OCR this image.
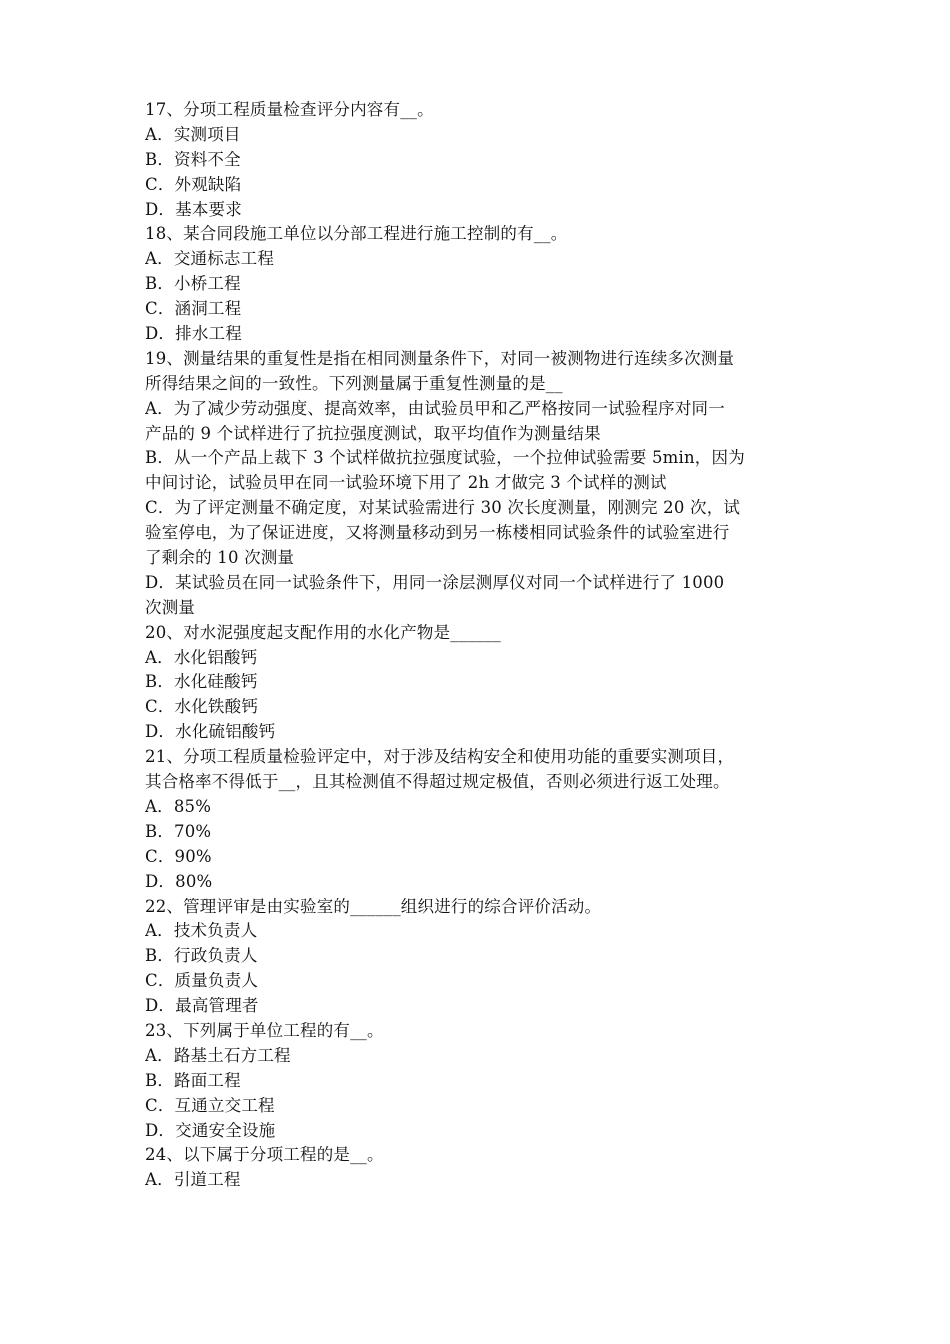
17、分项工程质量检查评分内容有__。
A．实测项目
B．资料不全
C．外观缺陷
D．基本要求
18、某合同段施工单位以分部工程进行施工控制的有__。
A．交通标志工程
B．小桥工程
C．涵洞工程
D．排水工程
19、测量结果的重复性是指在相同测量条件下，对同一被测物进行连续多次测量
所得结果之间的一致性。下列测量属于重复性测量的是__
A．为了减少劳动强度、提高效率，由试验员甲和乙严格按同一试验程序对同一
产品的 9 个试样进行了抗拉强度测试，取平均值作为测量结果
B．从一个产品上裁下 3 个试样做抗拉强度试验，一个拉伸试验需要 5min，因为
中间讨论，试验员甲在同一试验环境下用了 2h 才做完 3 个试样的测试
C．为了评定测量不确定度，对某试验需进行 30 次长度测量，刚测完 20 次，试
验室停电，为了保证进度，又将测量移动到另一栋楼相同试验条件的试验室进行
了剩余的 10 次测量
D．某试验员在同一试验条件下，用同一涂层测厚仪对同一个试样进行了 1000
次测量
20、对水泥强度起支配作用的水化产物是______
A．水化铝酸钙
B．水化硅酸钙
C．水化铁酸钙
D．水化硫铝酸钙
21、分项工程质量检验评定中，对于涉及结构安全和使用功能的重要实测项目，
其合格率不得低于__，且其检测值不得超过规定极值，否则必须进行返工处理。
A．85%
B．70%
C．90%
D．80%
22、管理评审是由实验室的______组织进行的综合评价活动。
A．技术负责人
B．行政负责人
C．质量负责人
D．最高管理者
23、下列属于单位工程的有__。
A．路基土石方工程
B．路面工程
C．互通立交工程
D．交通安全设施
24、以下属于分项工程的是__。
A．引道工程
